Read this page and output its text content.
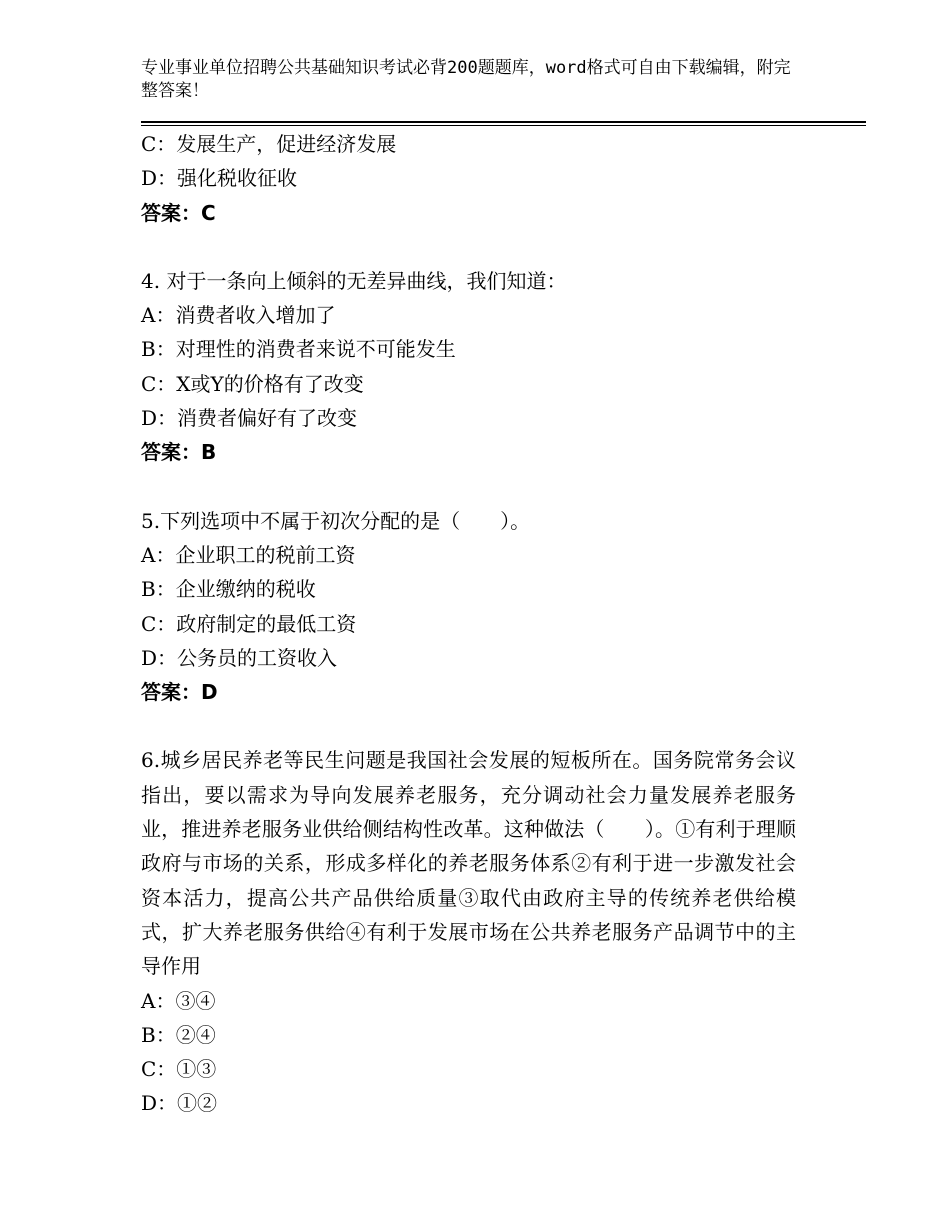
专业事业单位招聘公共基础知识考试必背200题题库，word格式可自由下载编辑，附完整答案！
C：发展生产，促进经济发展
D：强化税收征收
答案：C
4. 对于一条向上倾斜的无差异曲线，我们知道：
A：消费者收入增加了
B：对理性的消费者来说不可能发生
C：X或Y的价格有了改变
D：消费者偏好有了改变
答案：B
5.下列选项中不属于初次分配的是（　　）。
A：企业职工的税前工资
B：企业缴纳的税收
C：政府制定的最低工资
D：公务员的工资收入
答案：D
6.城乡居民养老等民生问题是我国社会发展的短板所在。国务院常务会议指出，要以需求为导向发展养老服务，充分调动社会力量发展养老服务业，推进养老服务业供给侧结构性改革。这种做法（　　）。①有利于理顺政府与市场的关系，形成多样化的养老服务体系②有利于进一步激发社会资本活力，提高公共产品供给质量③取代由政府主导的传统养老供给模式，扩大养老服务供给④有利于发展市场在公共养老服务产品调节中的主导作用
A：③④
B：②④
C：①③
D：①②
